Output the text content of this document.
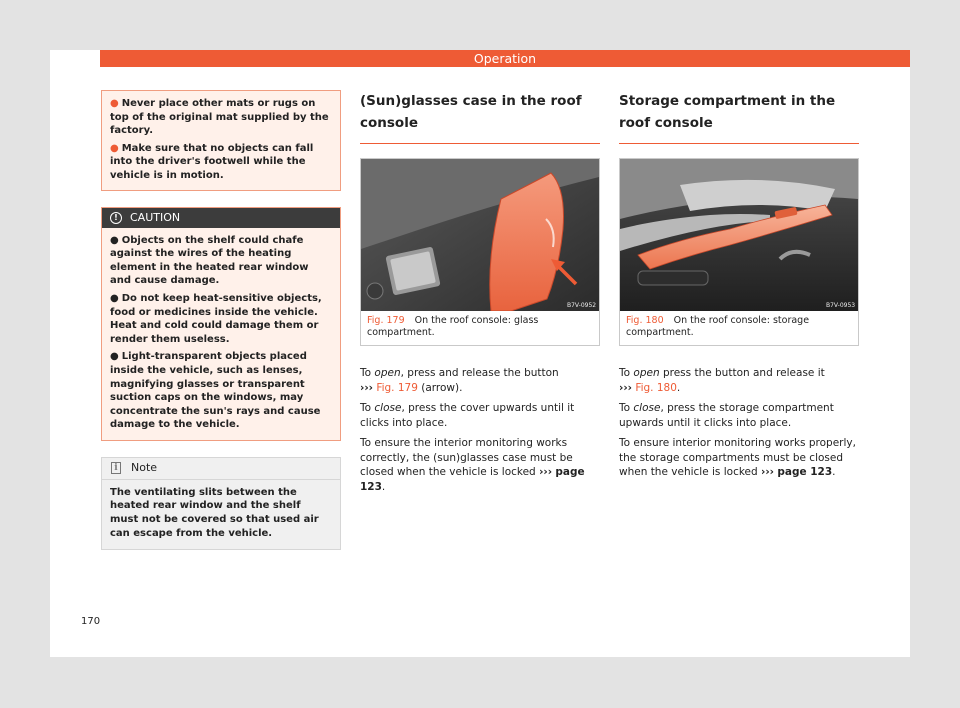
Operation
● Never place other mats or rugs on top of the original mat supplied by the factory.
● Make sure that no objects can fall into the driver's footwell while the vehicle is in motion.
!	CAUTION
● Objects on the shelf could chafe against the wires of the heating element in the heated rear window and cause damage.
● Do not keep heat-sensitive objects, food or medicines inside the vehicle. Heat and cold could damage them or render them useless.
● Light-transparent objects placed inside the vehicle, such as lenses, magnifying glasses or transparent suction caps on the windows, may concentrate the sun's rays and cause damage to the vehicle.
i Note
The ventilating slits between the heated rear window and the shelf must not be covered so that used air can escape from the vehicle.
(Sun)glasses case in the roof console
B7V-0952
Fig. 179 On the roof console: glass compartment.

To open, press and release the button
››› Fig. 179 (arrow).

To close, press the cover upwards until it clicks into place.

To ensure the interior monitoring works correctly, the (sun)glasses case must be closed when the vehicle is locked ››› page 123.

Storage compartment in the roof console
B7V-0953
Fig. 180 On the roof console: storage compartment.

To open press the button and release it
››› Fig. 180.

To close, press the storage compartment upwards until it clicks into place.

To ensure interior monitoring works properly, the storage compartments must be closed when the vehicle is locked ››› page 123.

170
